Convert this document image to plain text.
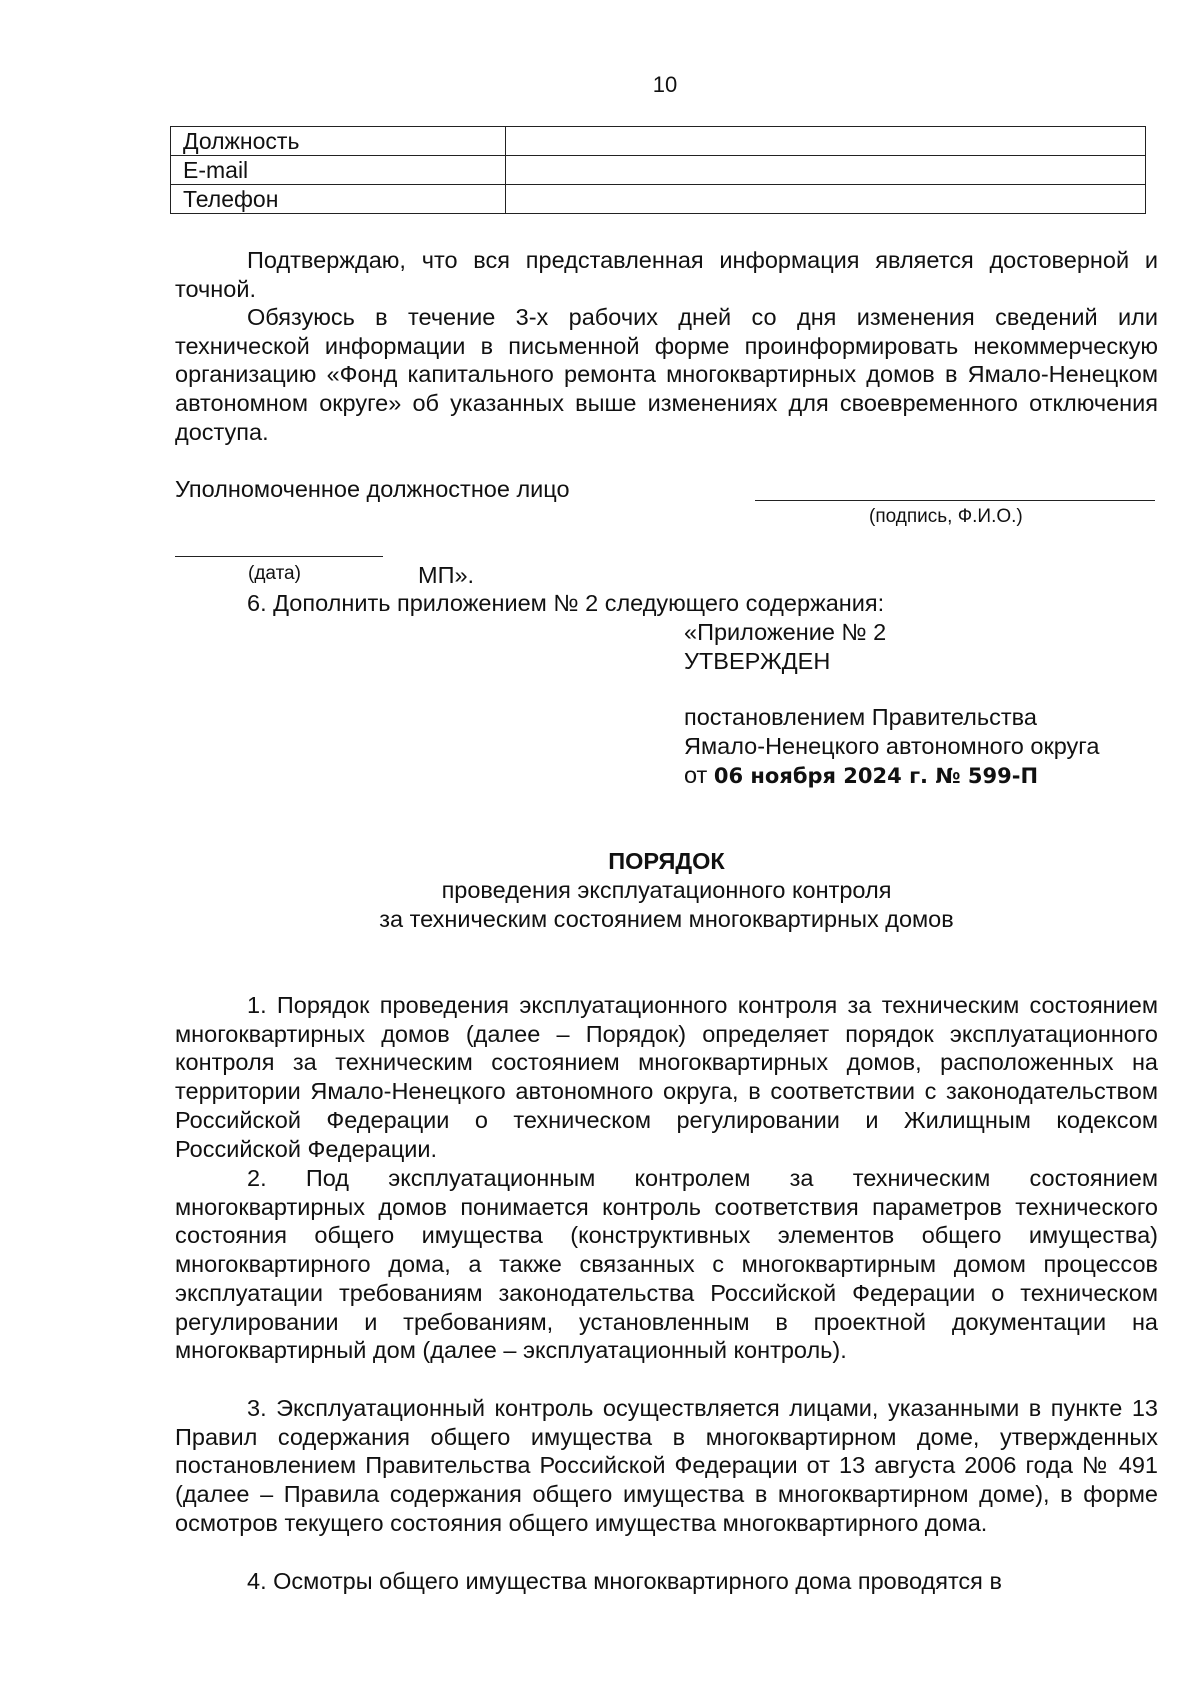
10
Должность	
E-mail	
Телефон	

Подтверждаю, что вся представленная информация является достоверной и точной.

Обязуюсь в течение 3-х рабочих дней со дня изменения сведений или технической информации в письменной форме проинформировать некоммерческую организацию «Фонд капитального ремонта многоквартирных домов в Ямало-Ненецком автономном округе» об указанных выше изменениях для своевременного отключения доступа.

Уполномоченное должностное лицо
(подпись, Ф.И.О.)
(дата)	МП».
6. Дополнить приложением № 2 следующего содержания:
«Приложение № 2
УТВЕРЖДЕН
постановлением Правительства
Ямало-Ненецкого автономного округа
от 06 ноября 2024 г. № 599-П
ПОРЯДОК
проведения эксплуатационного контроля
за техническим состоянием многоквартирных домов

1. Порядок проведения эксплуатационного контроля за техническим состоянием многоквартирных домов (далее – Порядок) определяет порядок эксплуатационного контроля за техническим состоянием многоквартирных домов, расположенных на территории Ямало-Ненецкого автономного округа, в соответствии с законодательством Российской Федерации о техническом регулировании и Жилищным кодексом Российской Федерации.

2. Под эксплуатационным контролем за техническим состоянием многоквартирных домов понимается контроль соответствия параметров технического состояния общего имущества (конструктивных элементов общего имущества) многоквартирного дома, а также связанных с многоквартирным домом процессов эксплуатации требованиям законодательства Российской Федерации о техническом регулировании и требованиям, установленным в проектной документации на многоквартирный дом (далее – эксплуатационный контроль).

3. Эксплуатационный контроль осуществляется лицами, указанными в пункте 13 Правил содержания общего имущества в многоквартирном доме, утвержденных постановлением Правительства Российской Федерации от 13 августа 2006 года № 491 (далее – Правила содержания общего имущества в многоквартирном доме), в форме осмотров текущего состояния общего имущества многоквартирного дома.

4. Осмотры общего имущества многоквартирного дома проводятся в
